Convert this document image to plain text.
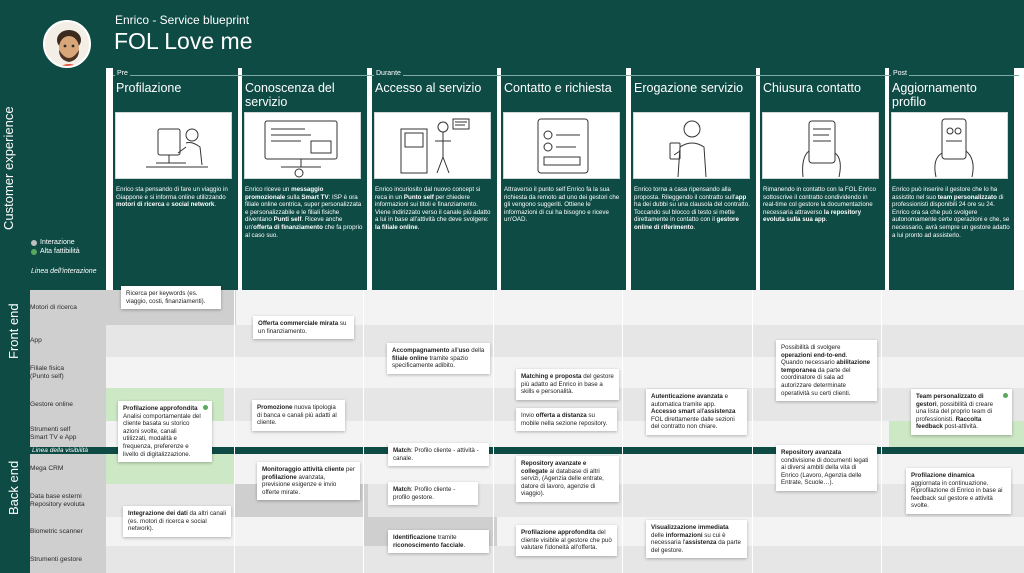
Enrico - Service blueprint
FOL Love me
Customer experience
Interazione
Alta fattibilità
Linea dell'interazione
Profilazione
Enrico sta pensando di fare un viaggio in Giappone e si informa online utilizzando motori di ricerca e social network.
Conoscenza del servizio
Enrico riceve un messaggio promozionale sulla Smart TV: ISP è ora filiale online centrica, super personalizzata e personalizzabile e le filiali fisiche diventano Punti self. Riceve anche un'offerta di finanziamento che fa proprio al caso suo.
Accesso al servizio
Enrico incuriosito dal nuovo concept si reca in un Punto self per chiedere informazioni sui titoli e finanziamento.
Viene indirizzato verso il canale più adatto a lui in base all'attività che deve svolgere: la filiale online.
Contatto e richiesta
Attraverso il punto self Enrico fa la sua richiesta da remoto ad uno dei gestori che gli vengono suggeriti. Ottiene le informazioni di cui ha bisogno e riceve un'OAD.
Erogazione servizio
Enrico torna a casa ripensando alla proposta. Rileggendo il contratto sull'app ha dei dubbi su una clausola del contratto. Toccando sul blocco di testo si mette direttamente in contatto con il gestore online di riferimento.
Chiusura contatto
Rimanendo in contatto con la FOL Enrico sottoscrive il contratto condividendo in real-time col gestore la documentazione necessaria attraverso la repository evoluta sulla sua app.
Aggiornamento profilo
Enrico può inserire il gestore che lo ha assistito nel suo team personalizzato di professionisti disponibili 24 ore su 24.
Enrico ora sa che può svolgere autonomamente certe operazioni e che, se necessario, avrà sempre un gestore adatto a lui pronto ad assisterlo.
Pre	Durante	Post
Motori di ricerca
App
Filiale fisica
(Punto self)
Gestore online
Strumenti self
Smart TV e App
Mega CRM
Data base esterni
Repository evoluta
Biometric scanner
Strumenti gestore
Front end
Back end
Linea della visibilità
Ricerca per keywords (es. viaggio, costi, finanziamenti).
Profilazione approfondita
Analisi comportamentale del cliente basata su storico azioni svolte, canali utilizzati, modalità e frequenza, preferenze e livello di digitalizzazione.
Offerta commerciale mirata su un finanziamento.
Promozione nuova tipologia di banca e canali più adatti al cliente.
Monitoraggio attività cliente per profilazione avanzata, previsione esigenze e invio offerte mirate.
Integrazione dei dati da altri canali (es. motori di ricerca e social network).
Accompagnamento all'uso della filiale online tramite spazio specificamente adibito.
Match: Profilo cliente - attività - canale.
Match: Profilo cliente - profilo gestore.
Identificazione tramite riconoscimento facciale.
Matching e proposta del gestore più adatto ad Enrico in base a skills e personalità.
Invio offerta a distanza su mobile nella sezione repository.
Repository avanzate e collegate ai database di altri servizi, (Agenzia delle entrate, datore di lavoro, agenzie di viaggio).
Profilazione approfondita del cliente visibile al gestore che può valutare l'idoneità all'offerta.
Autenticazione avanzata e automatica tramite app.
Accesso smart all'assistenza FOL direttamente dalle sezioni del contratto non chiare.
Visualizzazione immediata delle informazioni su cui è necessaria l'assistenza da parte del gestore.
Possibilità di svolgere operazioni end-to-end.
Quando necessario abilitazione temporanea da parte del coordinatore di sala ad autorizzare determinate operatività su certi clienti.
Repository avanzata
condivisione di documenti legati ai diversi ambiti della vita di Enrico (Lavoro, Agenzia delle Entrate, Scuole…).
Team personalizzato di gestori, possibilità di creare una lista del proprio team di professionisti. Raccolta feedback post-attività.
Profilazione dinamica
aggiornata in continuazione. Riprofilazione di Enrico in base ai feedback sul gestore e attività svolte.
